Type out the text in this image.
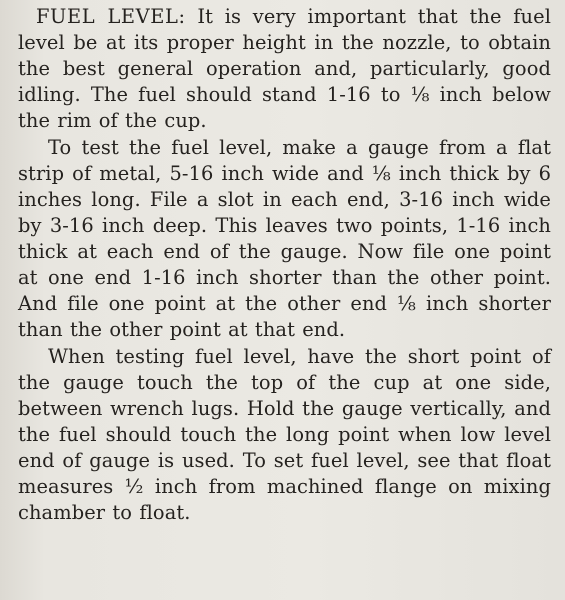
FUEL LEVEL: It is very important that the fuel level be at its proper height in the nozzle, to obtain the best general operation and, particularly, good idling. The fuel should stand 1-16 to ⅛ inch below the rim of the cup.

To test the fuel level, make a gauge from a flat strip of metal, 5-16 inch wide and ⅛ inch thick by 6 inches long. File a slot in each end, 3-16 inch wide by 3-16 inch deep. This leaves two points, 1-16 inch thick at each end of the gauge. Now file one point at one end 1-16 inch shorter than the other point. And file one point at the other end ⅛ inch shorter than the other point at that end.

When testing fuel level, have the short point of the gauge touch the top of the cup at one side, between wrench lugs. Hold the gauge vertically, and the fuel should touch the long point when low level end of gauge is used. To set fuel level, see that float measures ½ inch from machined flange on mixing chamber to float.
